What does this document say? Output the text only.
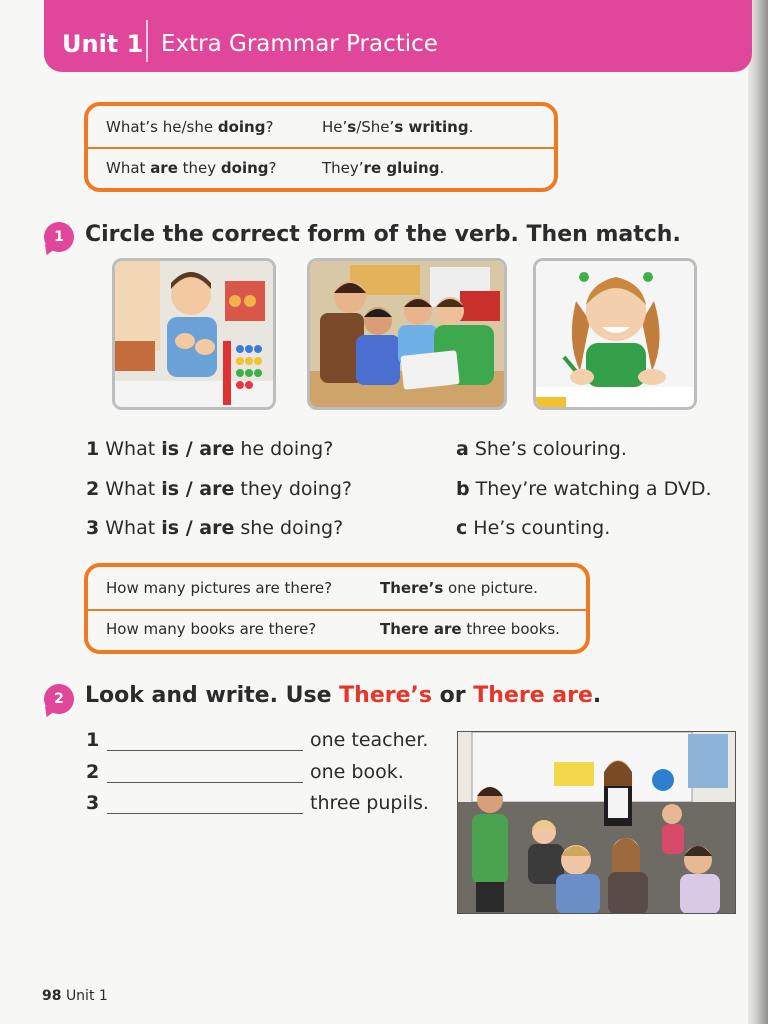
Unit 1 Extra Grammar Practice
What’s he/she doing?	He’s/She’s writing.
What are they doing?	They’re gluing.
1 Circle the correct form of the verb. Then match.
1 What is / are he doing?
2 What is / are they doing?
3 What is / are she doing?
a She’s colouring.
b They’re watching a DVD.
c He’s counting.
How many pictures are there?	There’s one picture.
How many books are there?	There are three books.
2 Look and write. Use There’s or There are.
1	one teacher.
2	one book.
3	three pupils.
98 Unit 1
